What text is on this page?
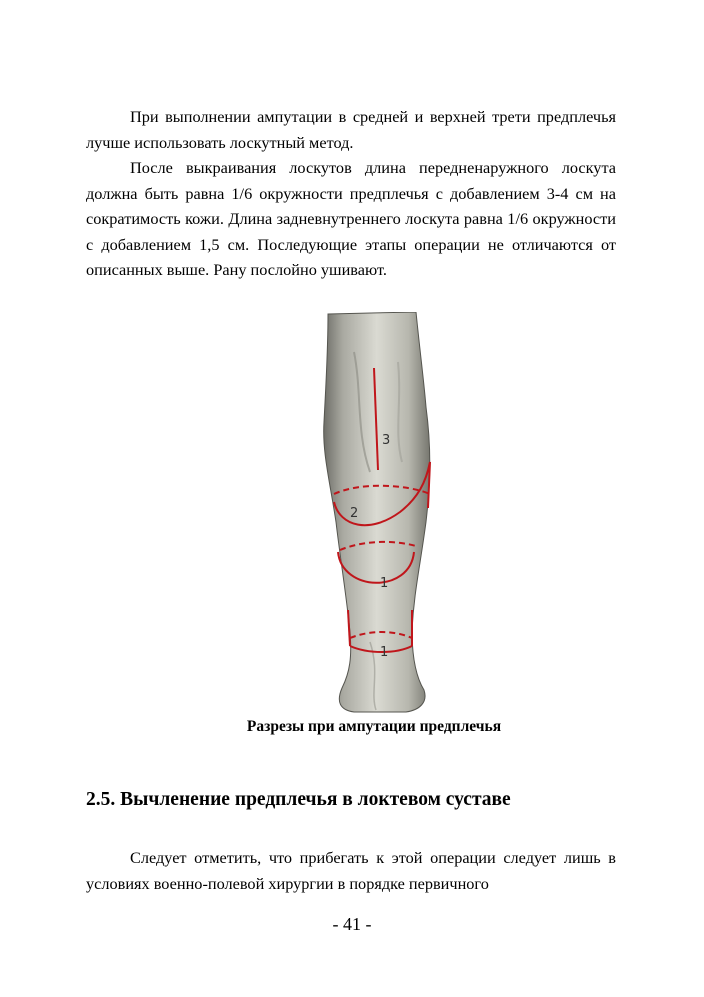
При выполнении ампутации в средней и верхней трети предплечья лучше использовать лоскутный метод.

После выкраивания лоскутов длина передненаружного лоскута должна быть равна 1/6 окружности предплечья с добавлением 3-4 см на сократимость кожи. Длина задневнутреннего лоскута равна 1/6 окружности с добавлением 1,5 см. Последующие этапы операции не отличаются от описанных выше. Рану послойно ушивают.

3
2
1
1
Разрезы при ампутации предплечья
2.5. Вычленение предплечья в локтевом суставе

Следует отметить, что прибегать к этой операции следует лишь в условиях военно-полевой хирургии в порядке первичного

- 41 -
